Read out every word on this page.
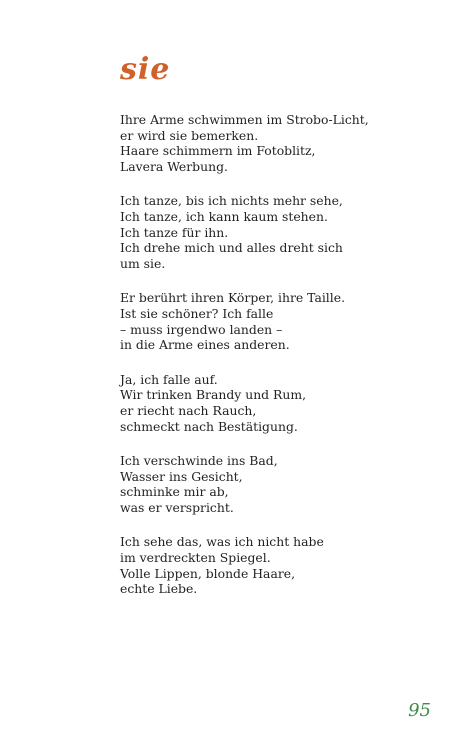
sie
Ihre Arme schwimmen im Strobo-Licht,
er wird sie bemerken.
Haare schimmern im Fotoblitz,
Lavera Werbung.
Ich tanze, bis ich nichts mehr sehe,
Ich tanze, ich kann kaum stehen.
Ich tanze für ihn.
Ich drehe mich und alles dreht sich
um sie.
Er berührt ihren Körper, ihre Taille.
Ist sie schöner? Ich falle
– muss irgendwo landen –
in die Arme eines anderen.
Ja, ich falle auf.
Wir trinken Brandy und Rum,
er riecht nach Rauch,
schmeckt nach Bestätigung.
Ich verschwinde ins Bad,
Wasser ins Gesicht,
schminke mir ab,
was er verspricht.
Ich sehe das, was ich nicht habe
im verdreckten Spiegel.
Volle Lippen, blonde Haare,
echte Liebe.
95
